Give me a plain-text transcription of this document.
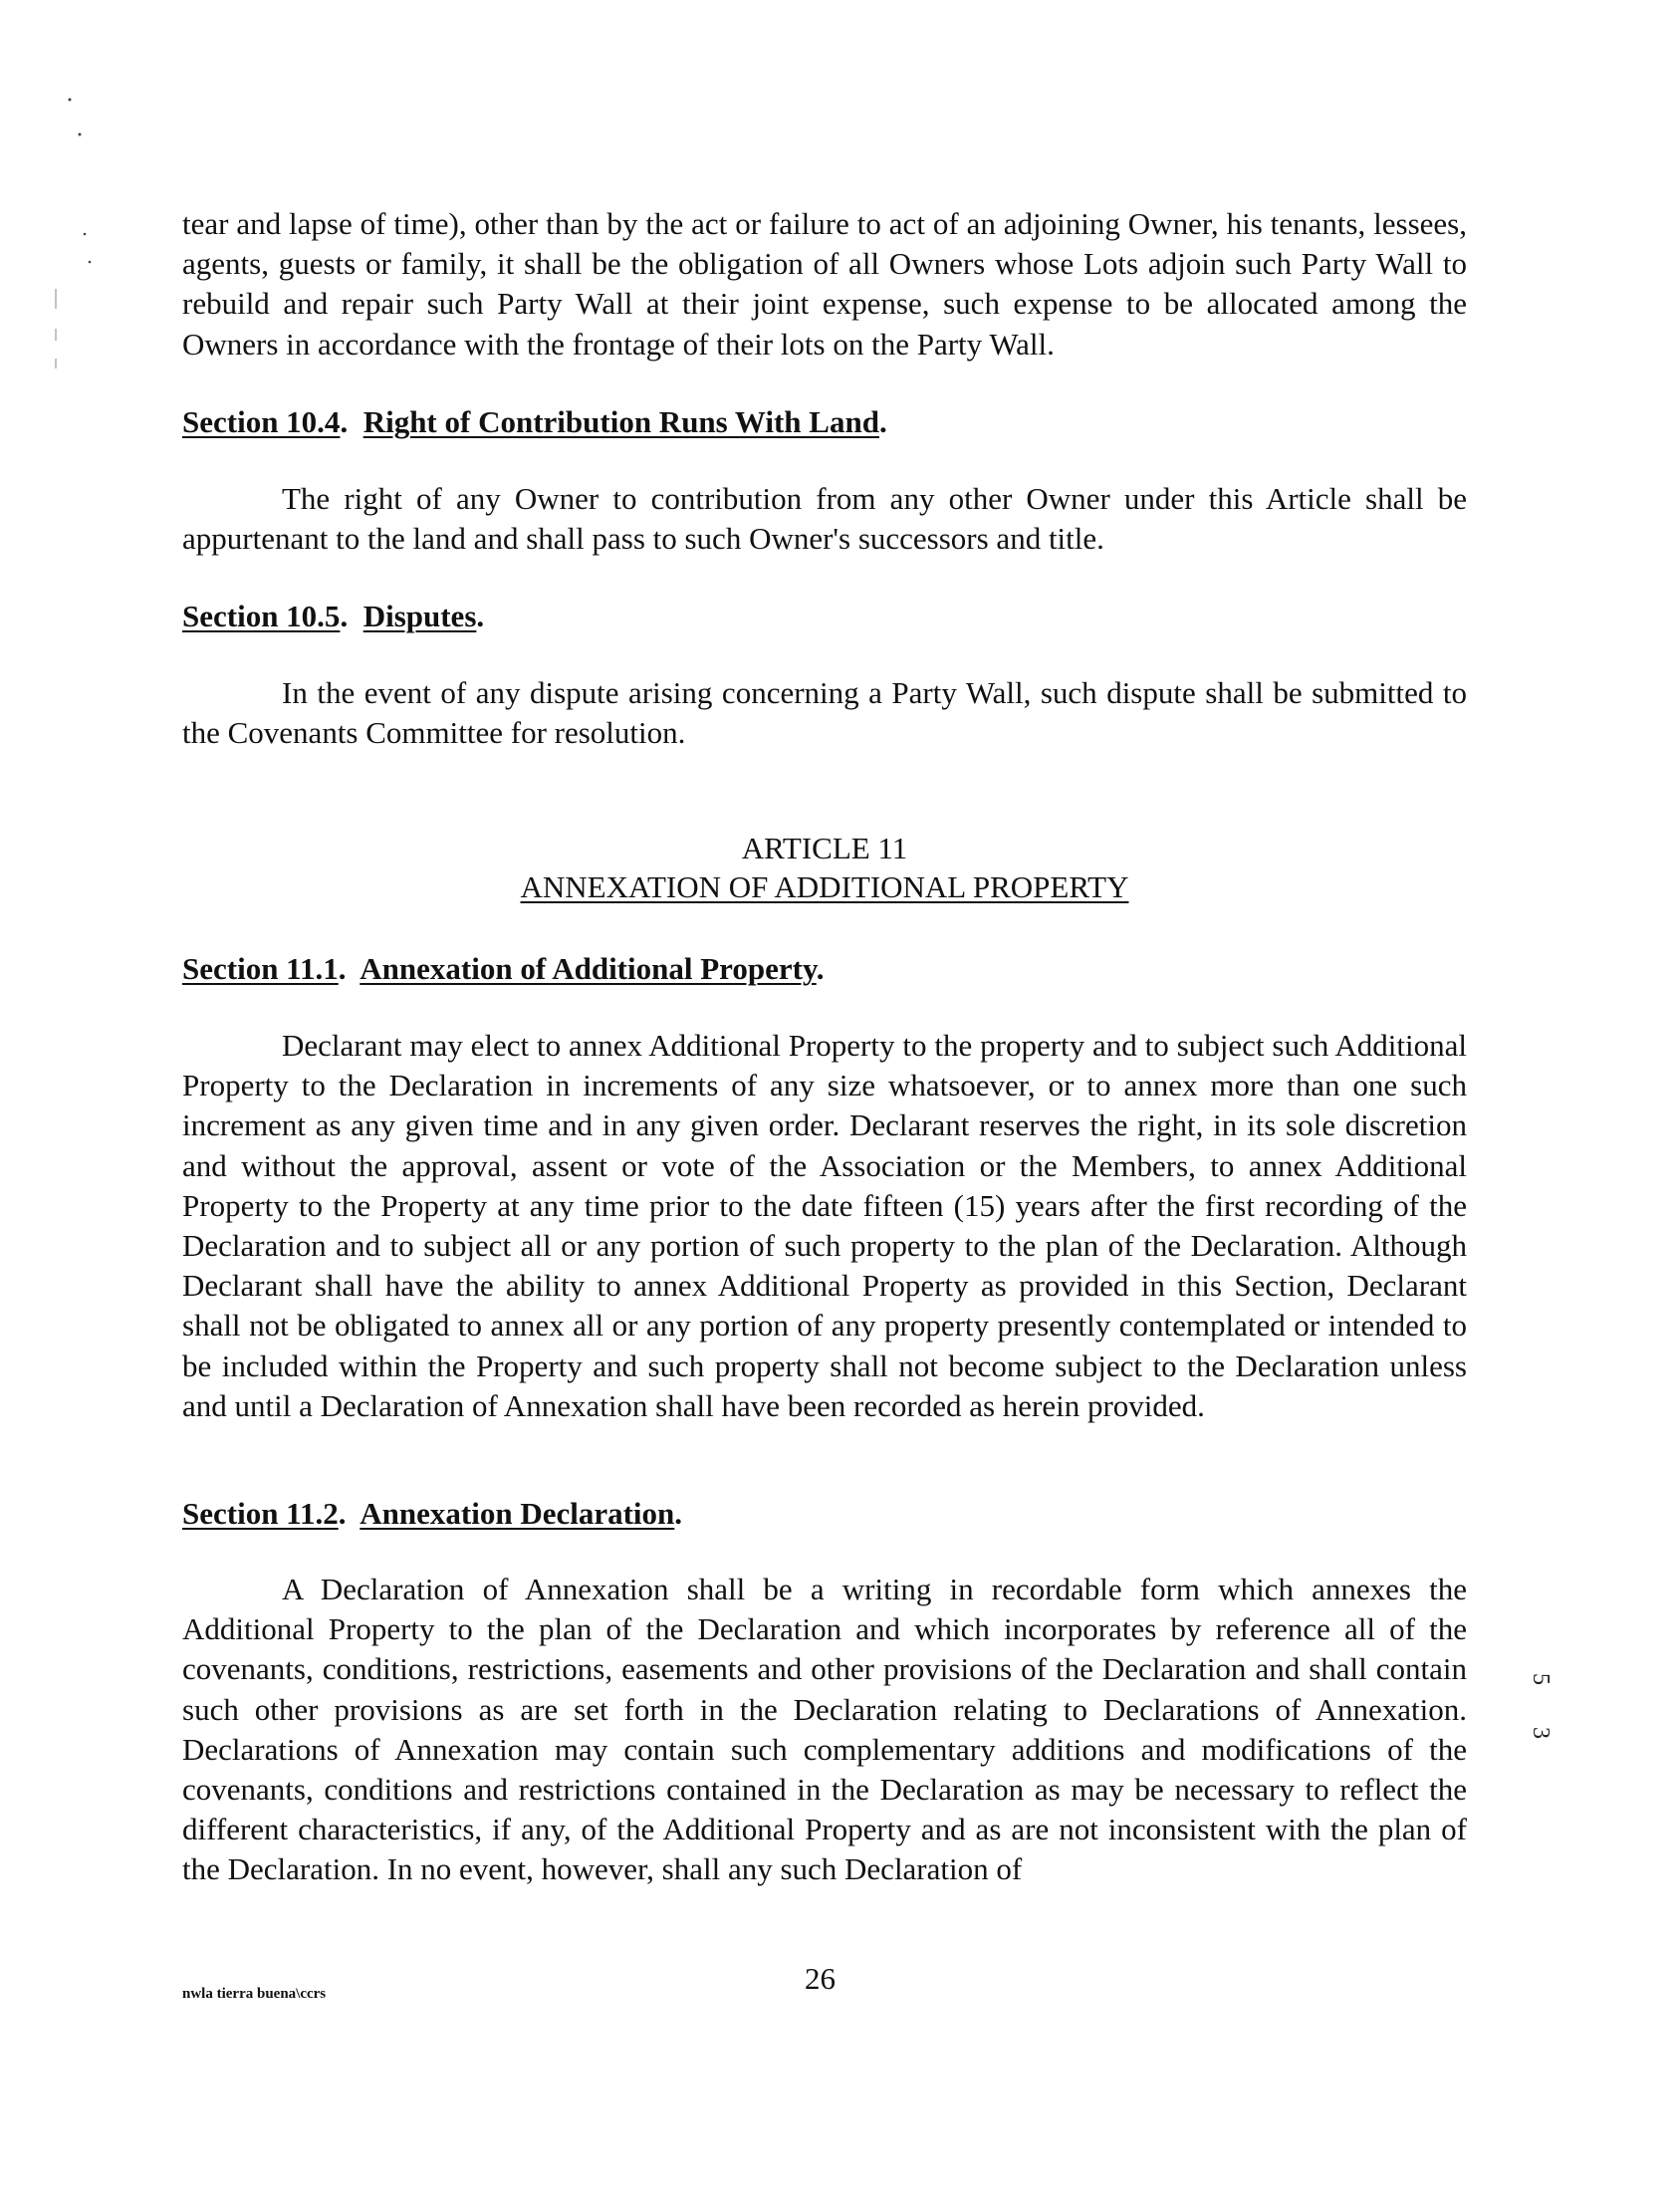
tear and lapse of time), other than by the act or failure to act of an adjoining Owner, his tenants, lessees, agents, guests or family, it shall be the obligation of all Owners whose Lots adjoin such Party Wall to rebuild and repair such Party Wall at their joint expense, such expense to be allocated among the Owners in accordance with the frontage of their lots on the Party Wall.

Section 10.4.  Right of Contribution Runs With Land.

The right of any Owner to contribution from any other Owner under this Article shall be appurtenant to the land and shall pass to such Owner's successors and title.

Section 10.5.  Disputes.

In the event of any dispute arising concerning a Party Wall, such dispute shall be submitted to the Covenants Committee for resolution.

ARTICLE 11

ANNEXATION OF ADDITIONAL PROPERTY

Section 11.1.  Annexation of Additional Property.

Declarant may elect to annex Additional Property to the property and to subject such Additional Property to the Declaration in increments of any size whatsoever, or to annex more than one such increment as any given time and in any given order. Declarant reserves the right, in its sole discretion and without the approval, assent or vote of the Association or the Members, to annex Additional Property to the Property at any time prior to the date fifteen (15) years after the first recording of the Declaration and to subject all or any portion of such property to the plan of the Declaration. Although Declarant shall have the ability to annex Additional Property as provided in this Section, Declarant shall not be obligated to annex all or any portion of any property presently contemplated or intended to be included within the Property and such property shall not become subject to the Declaration unless and until a Declaration of Annexation shall have been recorded as herein provided.

Section 11.2.  Annexation Declaration.

A Declaration of Annexation shall be a writing in recordable form which annexes the Additional Property to the plan of the Declaration and which incorporates by reference all of the covenants, conditions, restrictions, easements and other provisions of the Declaration and shall contain such other provisions as are set forth in the Declaration relating to Declarations of Annexation. Declarations of Annexation may contain such complementary additions and modifications of the covenants, conditions and restrictions contained in the Declaration as may be necessary to reflect the different characteristics, if any, of the Additional Property and as are not inconsistent with the plan of the Declaration. In no event, however, shall any such Declaration of

nwla tierra buena\ccrs	26
5 3
